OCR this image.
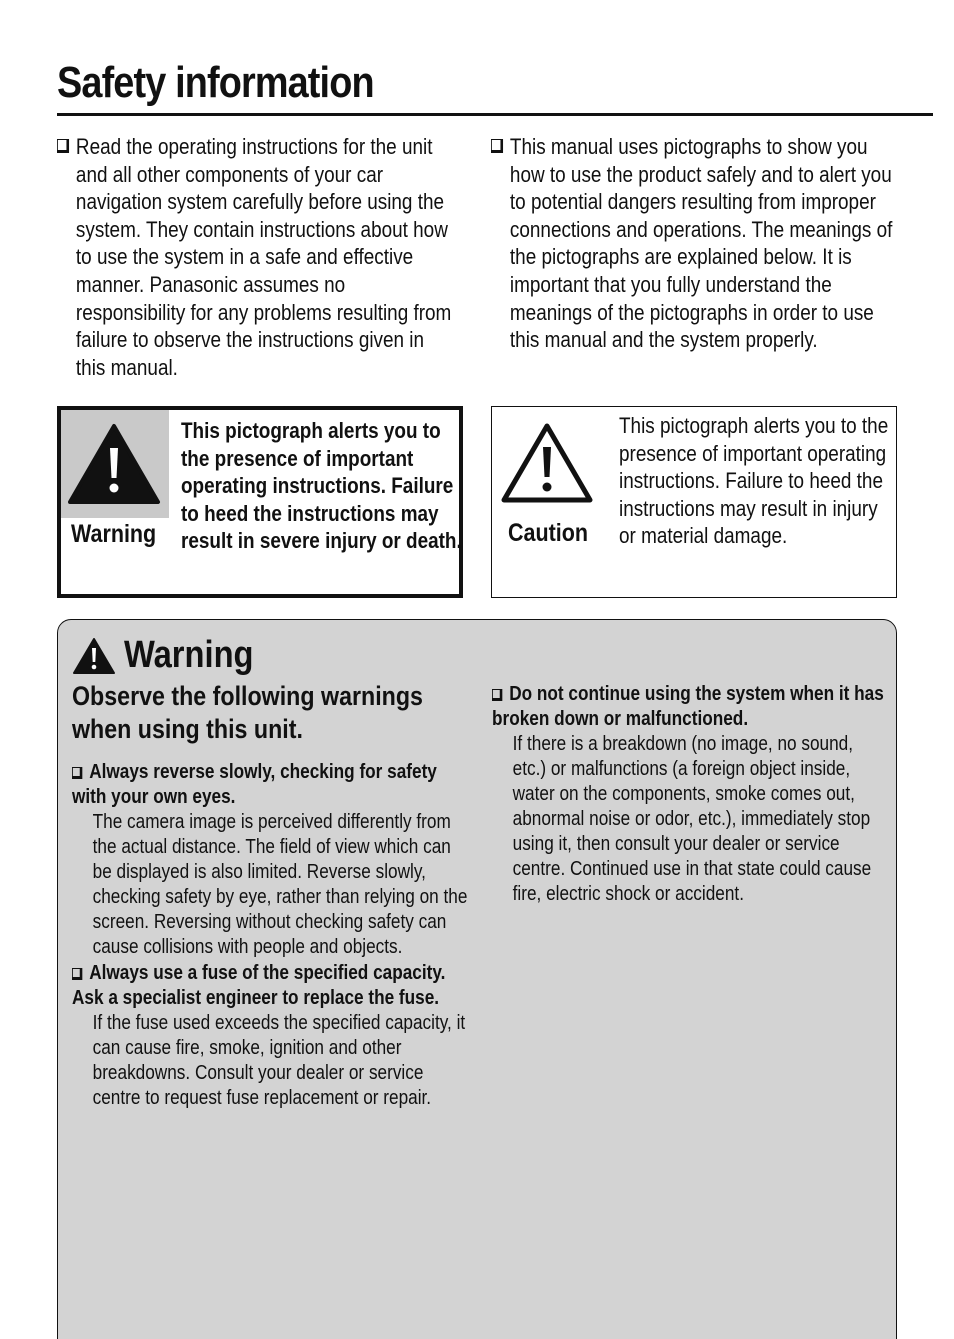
Safety information
Read the operating instructions for the unit and all other components of your car navigation system carefully before using the system. They contain instructions about how to use the system in a safe and effective manner. Panasonic assumes no responsibility for any problems resulting from failure to observe the instructions given in this manual.
This manual uses pictographs to show you how to use the product safely and to alert you to potential dangers resulting from improper connections and operations. The meanings of the pictographs are explained below. It is important that you fully understand the meanings of the pictographs in order to use this manual and the system properly.
Warning
This pictograph alerts you to the presence of important operating instructions. Failure to heed the instructions may result in severe injury or death. Caution
This pictograph alerts you to the presence of important operating instructions. Failure to heed the instructions may result in injury or material damage.
Warning
Observe the following warnings when using this unit.
Always reverse slowly, checking for safety with your own eyes.
The camera image is perceived differently from the actual distance. The field of view which can be displayed is also limited. Reverse slowly, checking safety by eye, rather than relying on the screen. Reversing without checking safety can cause collisions with people and objects.
Always use a fuse of the specified capacity. Ask a specialist engineer to replace the fuse.
If the fuse used exceeds the specified capacity, it can cause fire, smoke, ignition and other breakdowns. Consult your dealer or service centre to request fuse replacement or repair.
Do not continue using the system when it has broken down or malfunctioned.
If there is a breakdown (no image, no sound, etc.) or malfunctions (a foreign object inside, water on the components, smoke comes out, abnormal noise or odor, etc.), immediately stop using it, then consult your dealer or service centre. Continued use in that state could cause fire, electric shock or accident.
